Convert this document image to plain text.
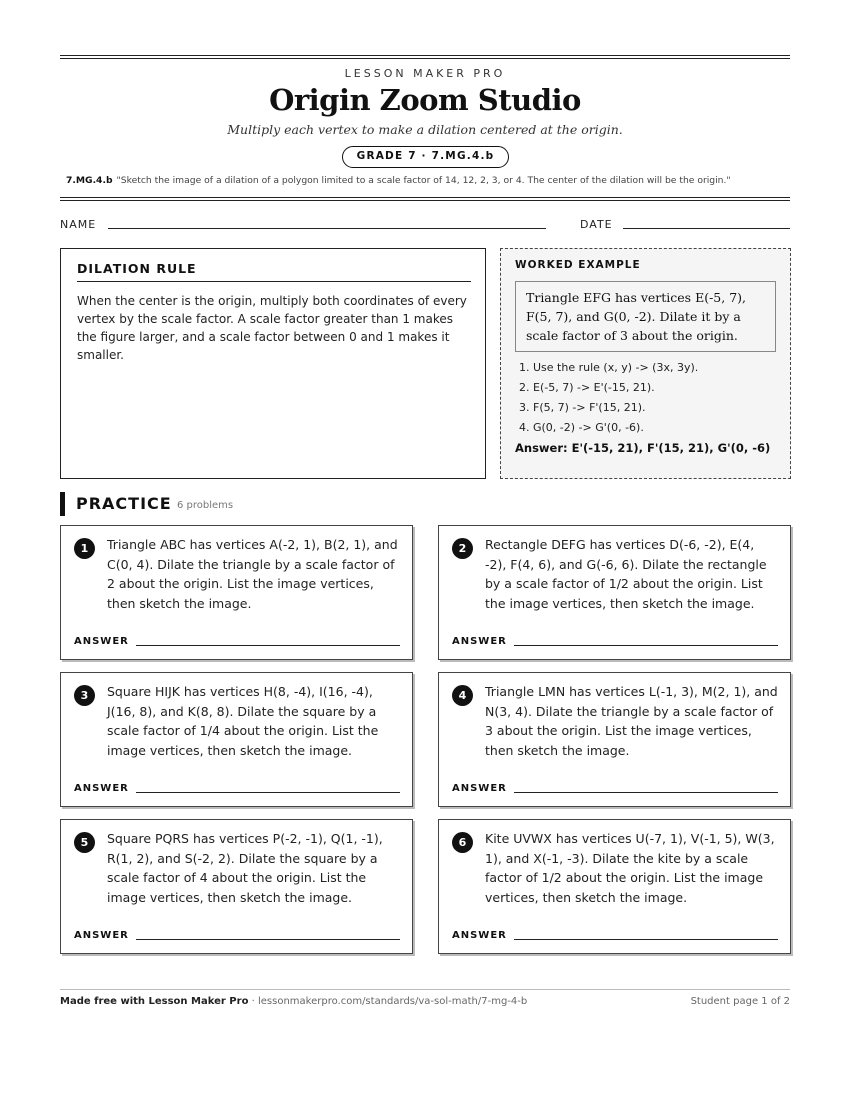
LESSON MAKER PRO
Origin Zoom Studio
Multiply each vertex to make a dilation centered at the origin.
GRADE 7 · 7.MG.4.b
7.MG.4.b "Sketch the image of a dilation of a polygon limited to a scale factor of 14, 12, 2, 3, or 4. The center of the dilation will be the origin."
NAME	DATE
DILATION RULE

When the center is the origin, multiply both coordinates of every vertex by the scale factor. A scale factor greater than 1 makes the figure larger, and a scale factor between 0 and 1 makes it smaller.

WORKED EXAMPLE
Triangle EFG has vertices E(-5, 7), F(5, 7), and G(0, -2). Dilate it by a scale factor of 3 about the origin.
1. Use the rule (x, y) -> (3x, 3y).
2. E(-5, 7) -> E'(-15, 21).
3. F(5, 7) -> F'(15, 21).
4. G(0, -2) -> G'(0, -6).
Answer: E'(-15, 21), F'(15, 21), G'(0, -6)
PRACTICE 6 problems
1	Triangle ABC has vertices A(-2, 1), B(2, 1), and C(0, 4). Dilate the triangle by a scale factor of 2 about the origin. List the image vertices, then sketch the image.
ANSWER
2	Rectangle DEFG has vertices D(-6, -2), E(4, -2), F(4, 6), and G(-6, 6). Dilate the rectangle by a scale factor of 1/2 about the origin. List the image vertices, then sketch the image.
ANSWER
3	Square HIJK has vertices H(8, -4), I(16, -4), J(16, 8), and K(8, 8). Dilate the square by a scale factor of 1/4 about the origin. List the image vertices, then sketch the image.
ANSWER
4	Triangle LMN has vertices L(-1, 3), M(2, 1), and N(3, 4). Dilate the triangle by a scale factor of 3 about the origin. List the image vertices, then sketch the image.
ANSWER
5	Square PQRS has vertices P(-2, -1), Q(1, -1), R(1, 2), and S(-2, 2). Dilate the square by a scale factor of 4 about the origin. List the image vertices, then sketch the image.
ANSWER
6	Kite UVWX has vertices U(-7, 1), V(-1, 5), W(3, 1), and X(-1, -3). Dilate the kite by a scale factor of 1/2 about the origin. List the image vertices, then sketch the image.
ANSWER
Made free with Lesson Maker Pro · lessonmakerpro.com/standards/va-sol-math/7-mg-4-b	Student page 1 of 2
